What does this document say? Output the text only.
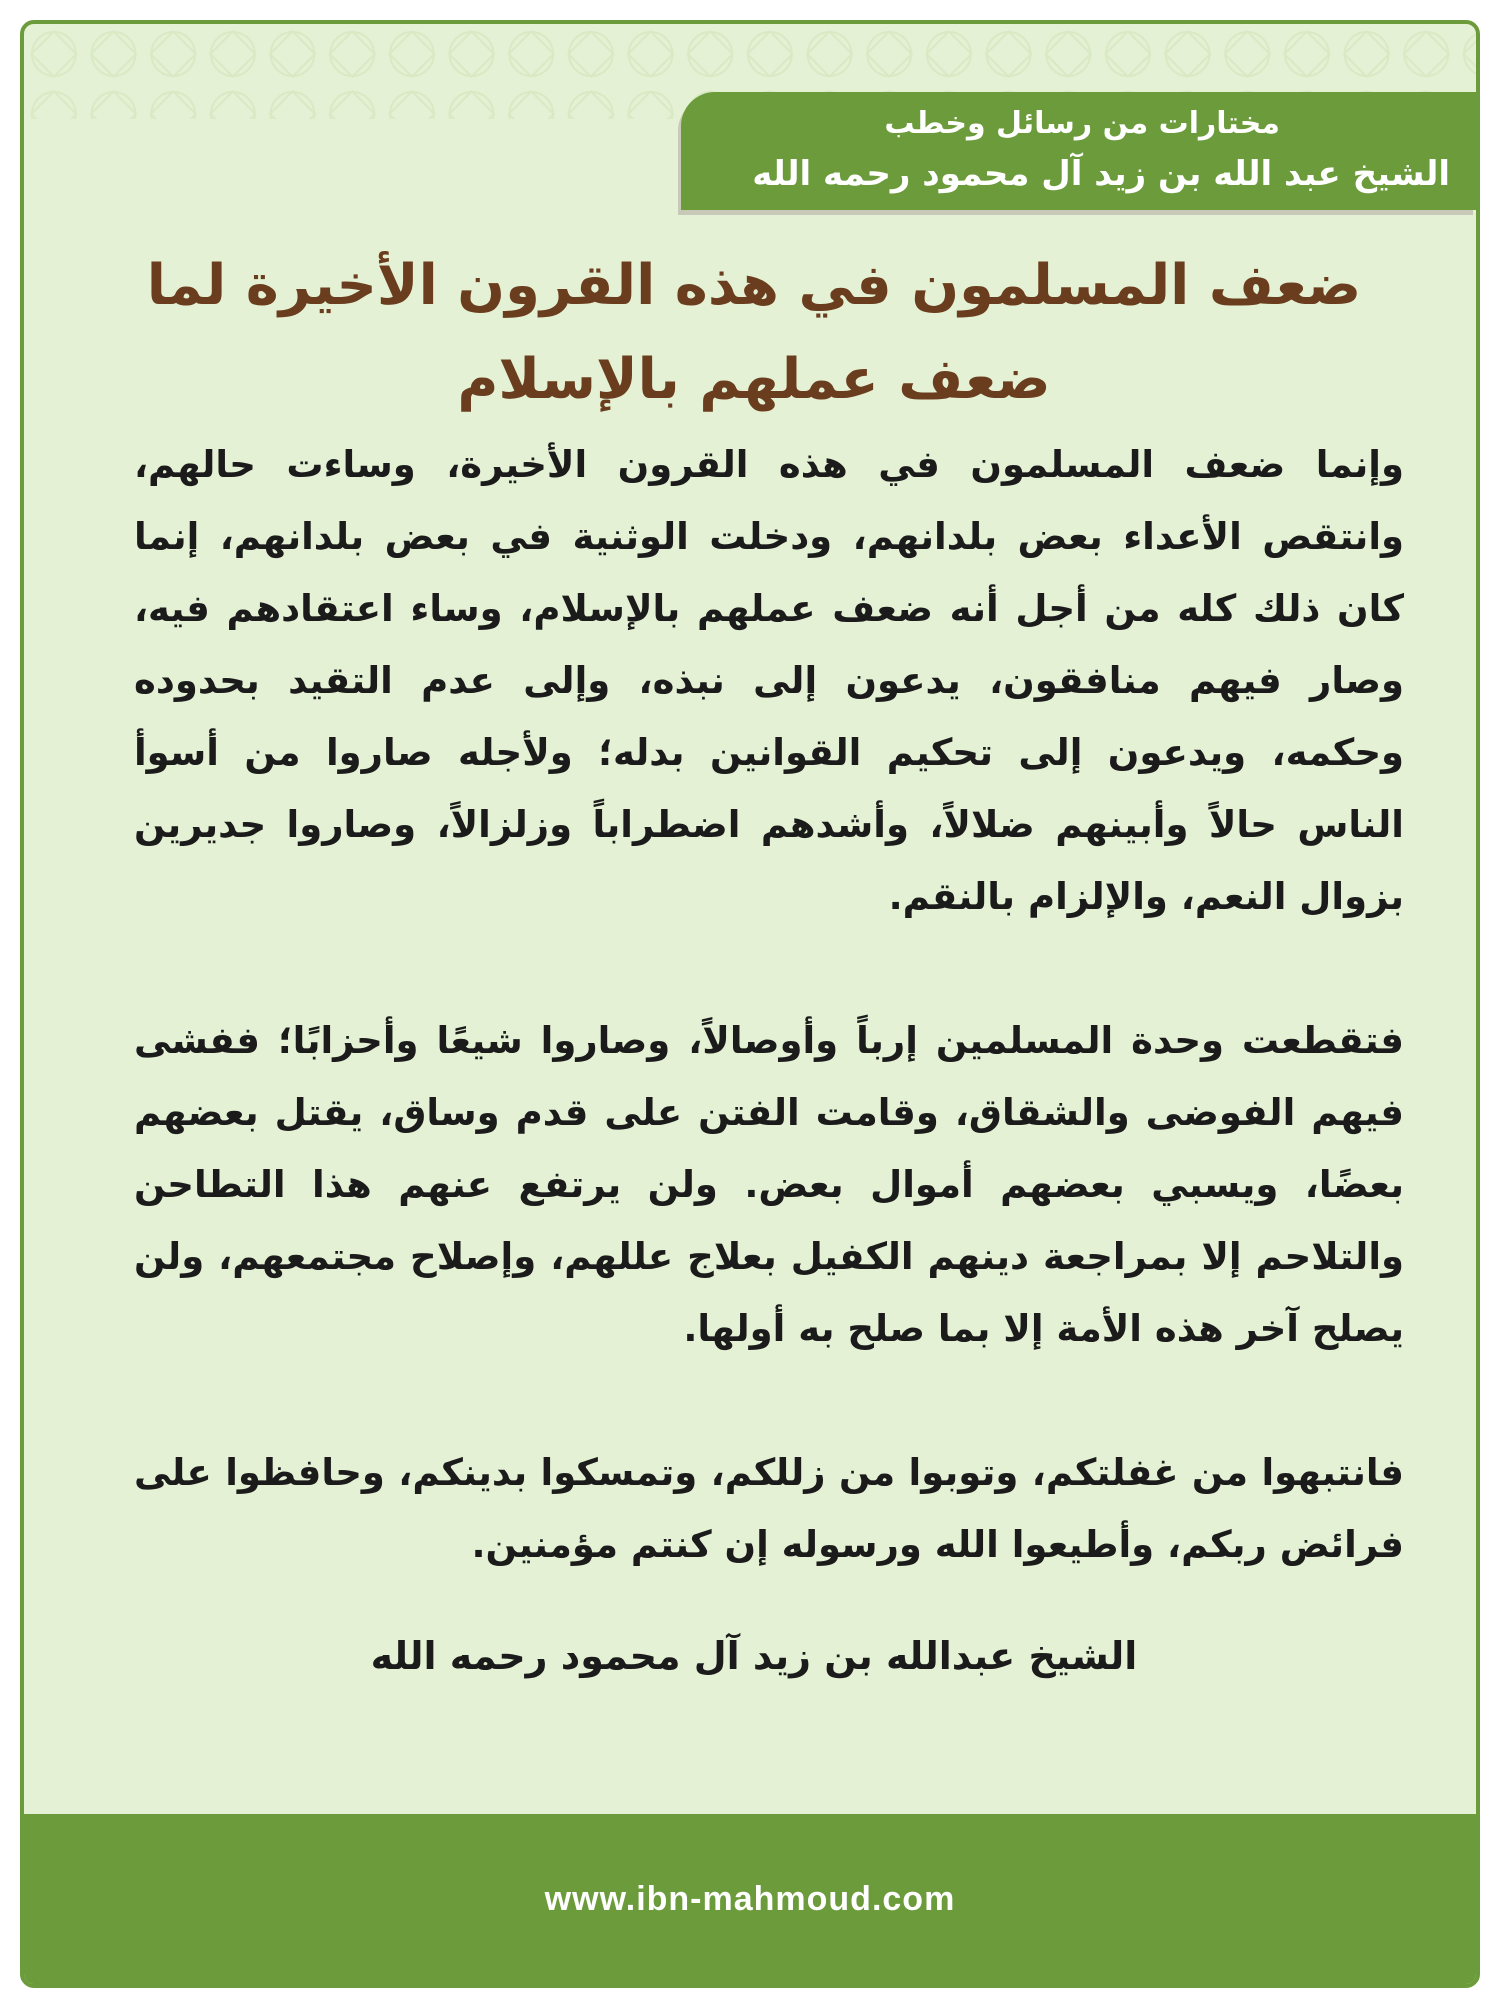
مختارات من رسائل وخطب
الشيخ عبد الله بن زيد آل محمود رحمه الله
ضعف المسلمون في هذه القرون الأخيرة لما
ضعف عملهم بالإسلام

وإنما ضعف المسلمون في هذه القرون الأخيرة، وساءت حالهم، وانتقص الأعداء بعض بلدانهم، ودخلت الوثنية في بعض بلدانهم، إنما كان ذلك كله من أجل أنه ضعف عملهم بالإسلام، وساء اعتقادهم فيه، وصار فيهم منافقون، يدعون إلى نبذه، وإلى عدم التقيد بحدوده وحكمه، ويدعون إلى تحكيم القوانين بدله؛ ولأجله صاروا من أسوأ الناس حالاً وأبينهم ضلالاً، وأشدهم اضطراباً وزلزالاً، وصاروا جديرين بزوال النعم، والإلزام بالنقم.

فتقطعت وحدة المسلمين إرباً وأوصالاً، وصاروا شيعًا وأحزابًا؛ ففشى فيهم الفوضى والشقاق، وقامت الفتن على قدم وساق، يقتل بعضهم بعضًا، ويسبي بعضهم أموال بعض. ولن يرتفع عنهم هذا التطاحن والتلاحم إلا بمراجعة دينهم الكفيل بعلاج عللهم، وإصلاح مجتمعهم، ولن يصلح آخر هذه الأمة إلا بما صلح به أولها.

فانتبهوا من غفلتكم، وتوبوا من زللكم، وتمسكوا بدينكم، وحافظوا على فرائض ربكم، وأطيعوا الله ورسوله إن كنتم مؤمنين.

الشيخ عبدالله بن زيد آل محمود رحمه الله
www.ibn-mahmoud.com
